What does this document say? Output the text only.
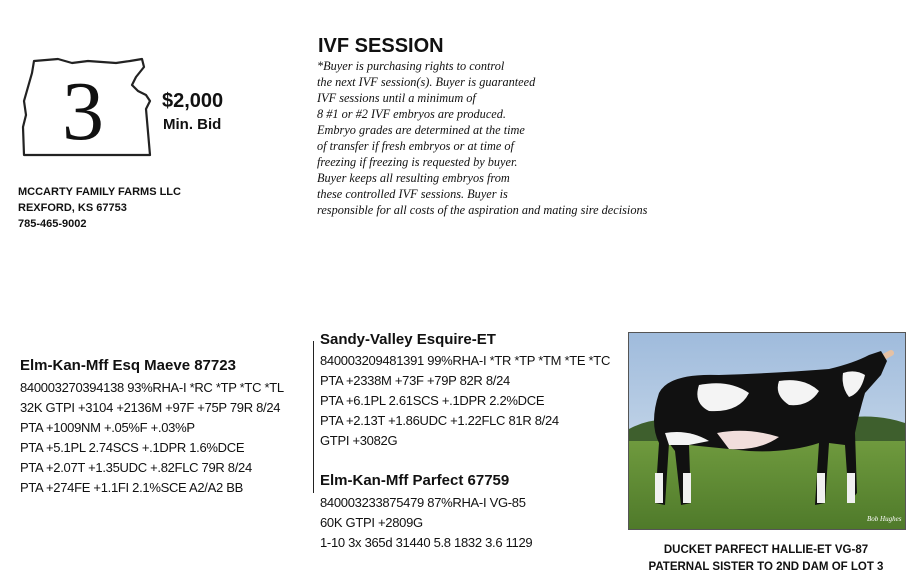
3	$2,000
Min. Bid
MCCARTY FAMILY FARMS LLC
REXFORD, KS 67753
785-465-9002
IVF SESSION
*Buyer is purchasing rights to control
the next IVF session(s). Buyer is guaranteed
IVF sessions until a minimum of
8 #1 or #2 IVF embryos are produced.
Embryo grades are determined at the time
of transfer if fresh embryos or at time of
freezing if freezing is requested by buyer.
Buyer keeps all resulting embryos from
these controlled IVF sessions. Buyer is
responsible for all costs of the aspiration and mating sire decisions
Elm-Kan-Mff Esq Maeve 87723
840003270394138 93%RHA-I *RC *TP *TC *TL
32K GTPI +3104 +2136M +97F +75P 79R 8/24
PTA +1009NM +.05%F +.03%P
PTA +5.1PL 2.74SCS +.1DPR 1.6%DCE
PTA +2.07T +1.35UDC +.82FLC 79R 8/24
PTA +274FE +1.1FI 2.1%SCE A2/A2 BB
Sandy-Valley Esquire-ET
840003209481391 99%RHA-I *TR *TP *TM *TE *TC
PTA +2338M +73F +79P 82R 8/24
PTA +6.1PL 2.61SCS +.1DPR 2.2%DCE
PTA +2.13T +1.86UDC +1.22FLC 81R 8/24
GTPI +3082G
Elm-Kan-Mff Parfect 67759
840003233875479 87%RHA-I VG-85
60K GTPI +2809G
1-10 3x 365d 31440 5.8 1832 3.6 1129
Bob Hughes
DUCKET PARFECT HALLIE-ET VG-87
PATERNAL SISTER TO 2ND DAM OF LOT 3
